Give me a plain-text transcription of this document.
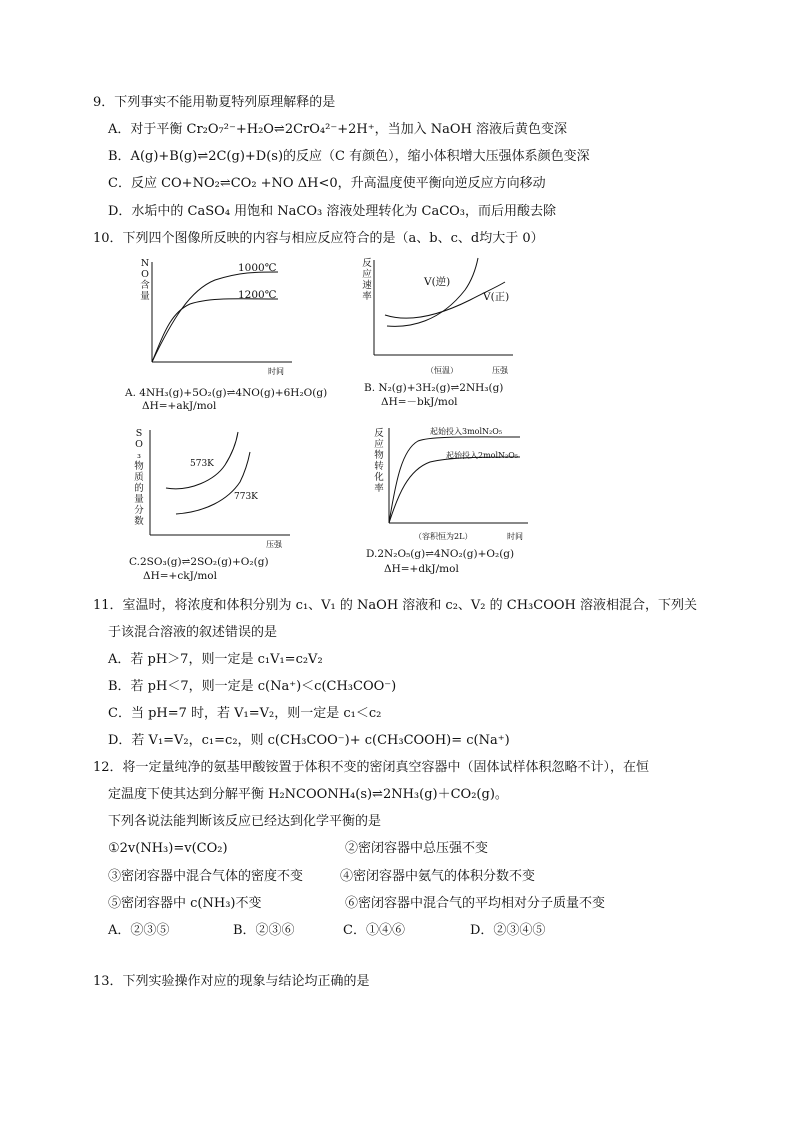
9．下列事实不能用勒夏特列原理解释的是
A．对于平衡 Cr₂O₇²⁻+H₂O⇌2CrO₄²⁻+2H⁺，当加入 NaOH 溶液后黄色变深
B．A(g)+B(g)⇌2C(g)+D(s)的反应（C 有颜色），缩小体积增大压强体系颜色变深
C．反应 CO+NO₂⇌CO₂ +NO ΔH<0，升高温度使平衡向逆反应方向移动
D．水垢中的 CaSO₄ 用饱和 NaCO₃ 溶液处理转化为 CaCO₃，而后用酸去除
10．下列四个图像所反映的内容与相应反应符合的是（a、b、c、d均大于 0）
NO含量
1000℃
1200℃
时间
A. 4NH₃(g)+5O₂(g)⇌4NO(g)+6H₂O(g)
ΔH=+akJ/mol
反应速率
V(逆)
V(正)
（恒温）	压强
B. N₂(g)+3H₂(g)⇌2NH₃(g)
ΔH=－bkJ/mol
SO₃物质的量分数
573K
773K
压强
C.2SO₃(g)⇌2SO₂(g)+O₂(g)
ΔH=+ckJ/mol
反应物转化率
起始投入3molN₂O₅
起始投入2molN₂O₅
（容积恒为2L）	时间
D.2N₂O₅(g)⇌4NO₂(g)+O₂(g)
ΔH=+dkJ/mol
11．室温时，将浓度和体积分别为 c₁、V₁ 的 NaOH 溶液和 c₂、V₂ 的 CH₃COOH 溶液相混合，下列关
于该混合溶液的叙述错误的是
A．若 pH＞7，则一定是 c₁V₁=c₂V₂
B．若 pH＜7，则一定是 c(Na⁺)＜c(CH₃COO⁻)
C．当 pH=7 时，若 V₁=V₂，则一定是 c₁＜c₂
D．若 V₁=V₂，c₁=c₂，则 c(CH₃COO⁻)+ c(CH₃COOH)= c(Na⁺)
12．将一定量纯净的氨基甲酸铵置于体积不变的密闭真空容器中（固体试样体积忽略不计），在恒
定温度下使其达到分解平衡 H₂NCOONH₄(s)⇌2NH₃(g)＋CO₂(g)。
下列各说法能判断该反应已经达到化学平衡的是
①2v(NH₃)=v(CO₂)	②密闭容器中总压强不变
③密闭容器中混合气体的密度不变	④密闭容器中氨气的体积分数不变
⑤密闭容器中 c(NH₃)不变	⑥密闭容器中混合气的平均相对分子质量不变
A．②③⑤	B．②③⑥	C．①④⑥	D．②③④⑤
13．下列实验操作对应的现象与结论均正确的是
